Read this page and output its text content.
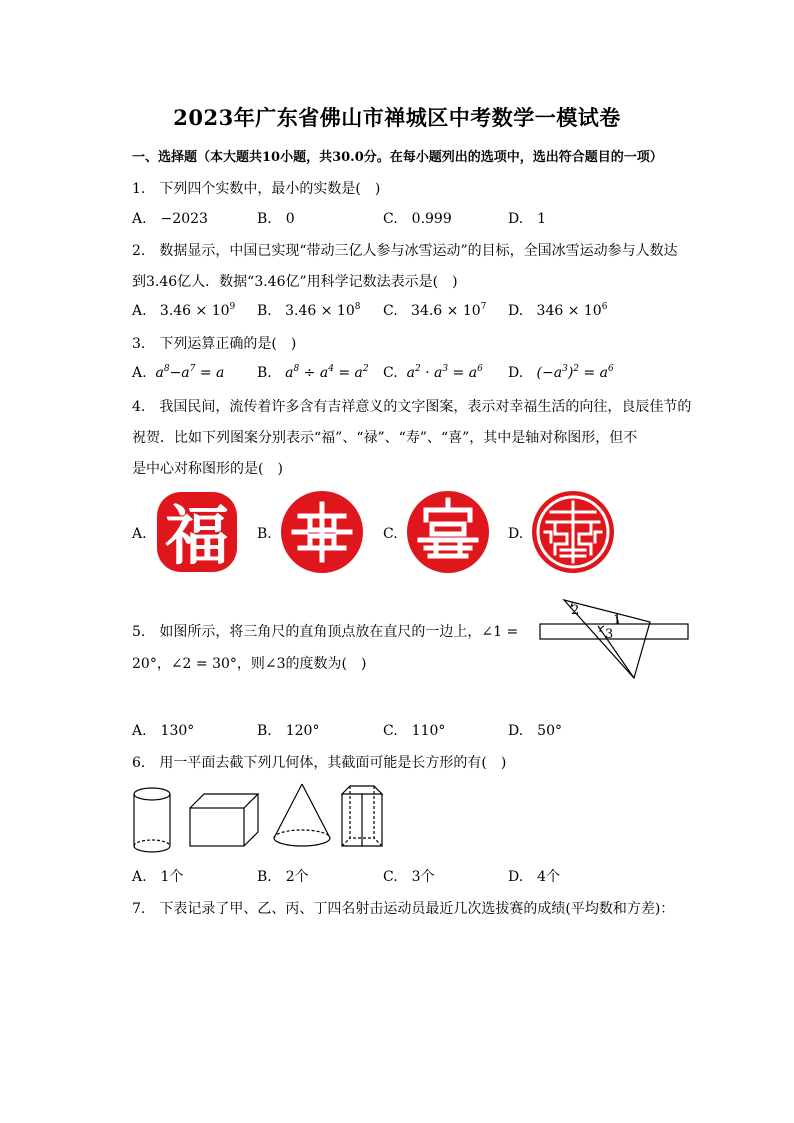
2023年广东省佛山市禅城区中考数学一模试卷
一、选择题（本大题共10小题，共30.0分。在每小题列出的选项中，选出符合题目的一项）
1.　下列四个实数中，最小的实数是(　)
A.　−2023	B.　0	C.　0.999	D.　1
2.　数据显示，中国已实现“带动三亿人参与冰雪运动”的目标，全国冰雪运动参与人数达
到3.46亿人．数据“3.46亿”用科学记数法表示是(　)
A. $3.46 \times 10^9$ B. $3.46 \times 10^8$ C. $34.6 \times 10^7$ D. $346 \times 10^6$
3.　下列运算正确的是(　)
A. $a^8-a^7 = a$ B. $a^8 \div a^4 = a^2$ C. $a^2 \cdot a^3 = a^6$ D. $(-a^3)^2 = a^6$
4.　我国民间，流传着许多含有吉祥意义的文字图案，表示对幸福生活的向往，良辰佳节的
祝贺．比如下列图案分别表示“福”、“禄”、“寿”、“喜”，其中是轴对称图形，但不
是中心对称图形的是(　)
A.	B.	C.	D.
福
5.　如图所示，将三角尺的直角顶点放在直尺的一边上，∠1 =
20°，∠2 = 30°，则∠3的度数为(　)
1
2
3
A.　130°	B.　120°	C.　110°	D.　50°
6.　用一平面去截下列几何体，其截面可能是长方形的有(　)
A.　1个	B.　2个	C.　3个	D.　4个
7.　下表记录了甲、乙、丙、丁四名射击运动员最近几次选拔赛的成绩(平均数和方差)：
